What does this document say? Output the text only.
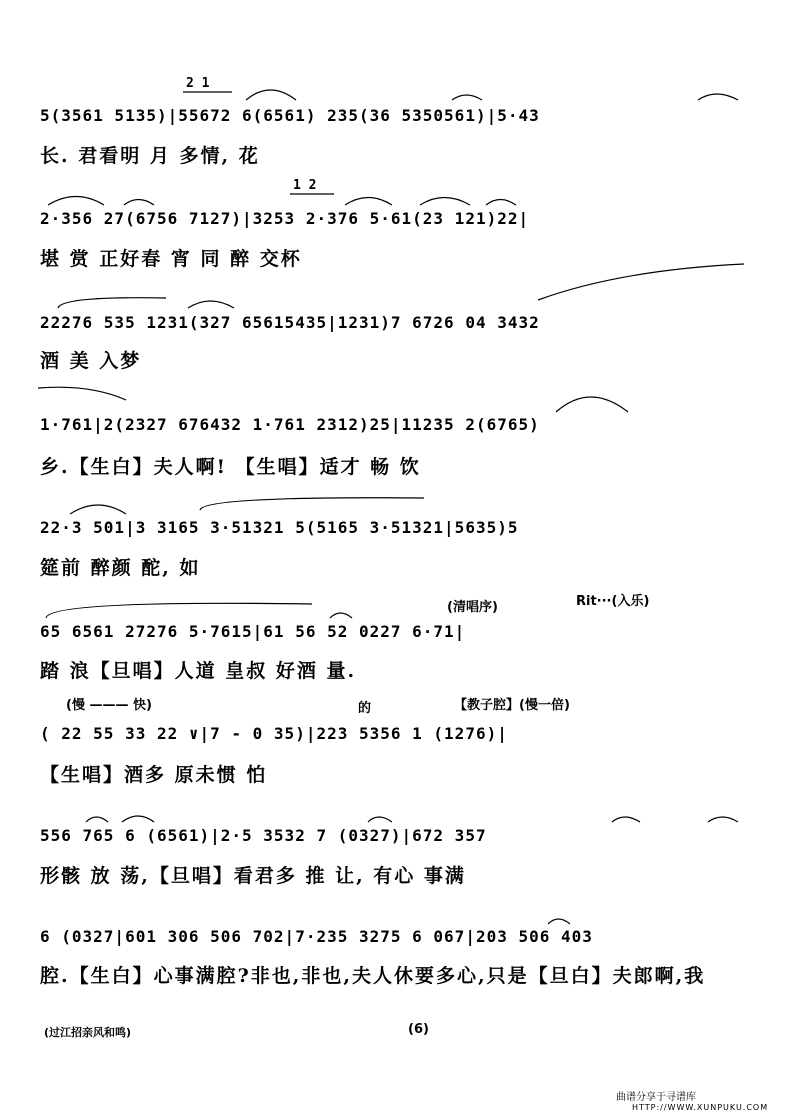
2 1
1 2
(清唱序)	Rit···(入乐)
(慢 ——— 快)	的	【教子腔】(慢一倍)
5(3561 5135)|55672 6(6561) 235(36 5350561)|5·43
长. 君看明 月 多情, 花
2·356 27(6756 7127)|3253 2·376 5·61(23 121)22|
堪 赏 正好春 宵 同 醉 交杯
22276 535 1231(327 65615435|1231)7 6726 04 3432
酒 美 入梦
1·761|2(2327 676432 1·761 2312)25|11235 2(6765)
乡.【生白】夫人啊! 【生唱】适才 畅 饮
22·3 501|3 3165 3·51321 5(5165 3·51321|5635)5
筵前 醉颜 酡, 如
65 6561 27276 5·7615|61 56 52 0227 6·71|
踏 浪【旦唱】人道 皇叔 好酒 量.
( 22 55 33 22 ∨|7 - 0 35)|223 5356 1 (1276)|
【生唱】酒多 原未惯 怕
556 765 6 (6561)|2·5 3532 7 (0327)|672 357
形骸 放 荡,【旦唱】看君多 推 让, 有心 事满
6 (0327|601 306 506 702|7·235 3275 6 067|203 506 403
腔.【生白】心事满腔?非也,非也,夫人休要多心,只是【旦白】夫郎啊,我
(过江招亲风和鸣)	(6)
曲谱分享于寻谱库
HTTP://WWW.XUNPUKU.COM
